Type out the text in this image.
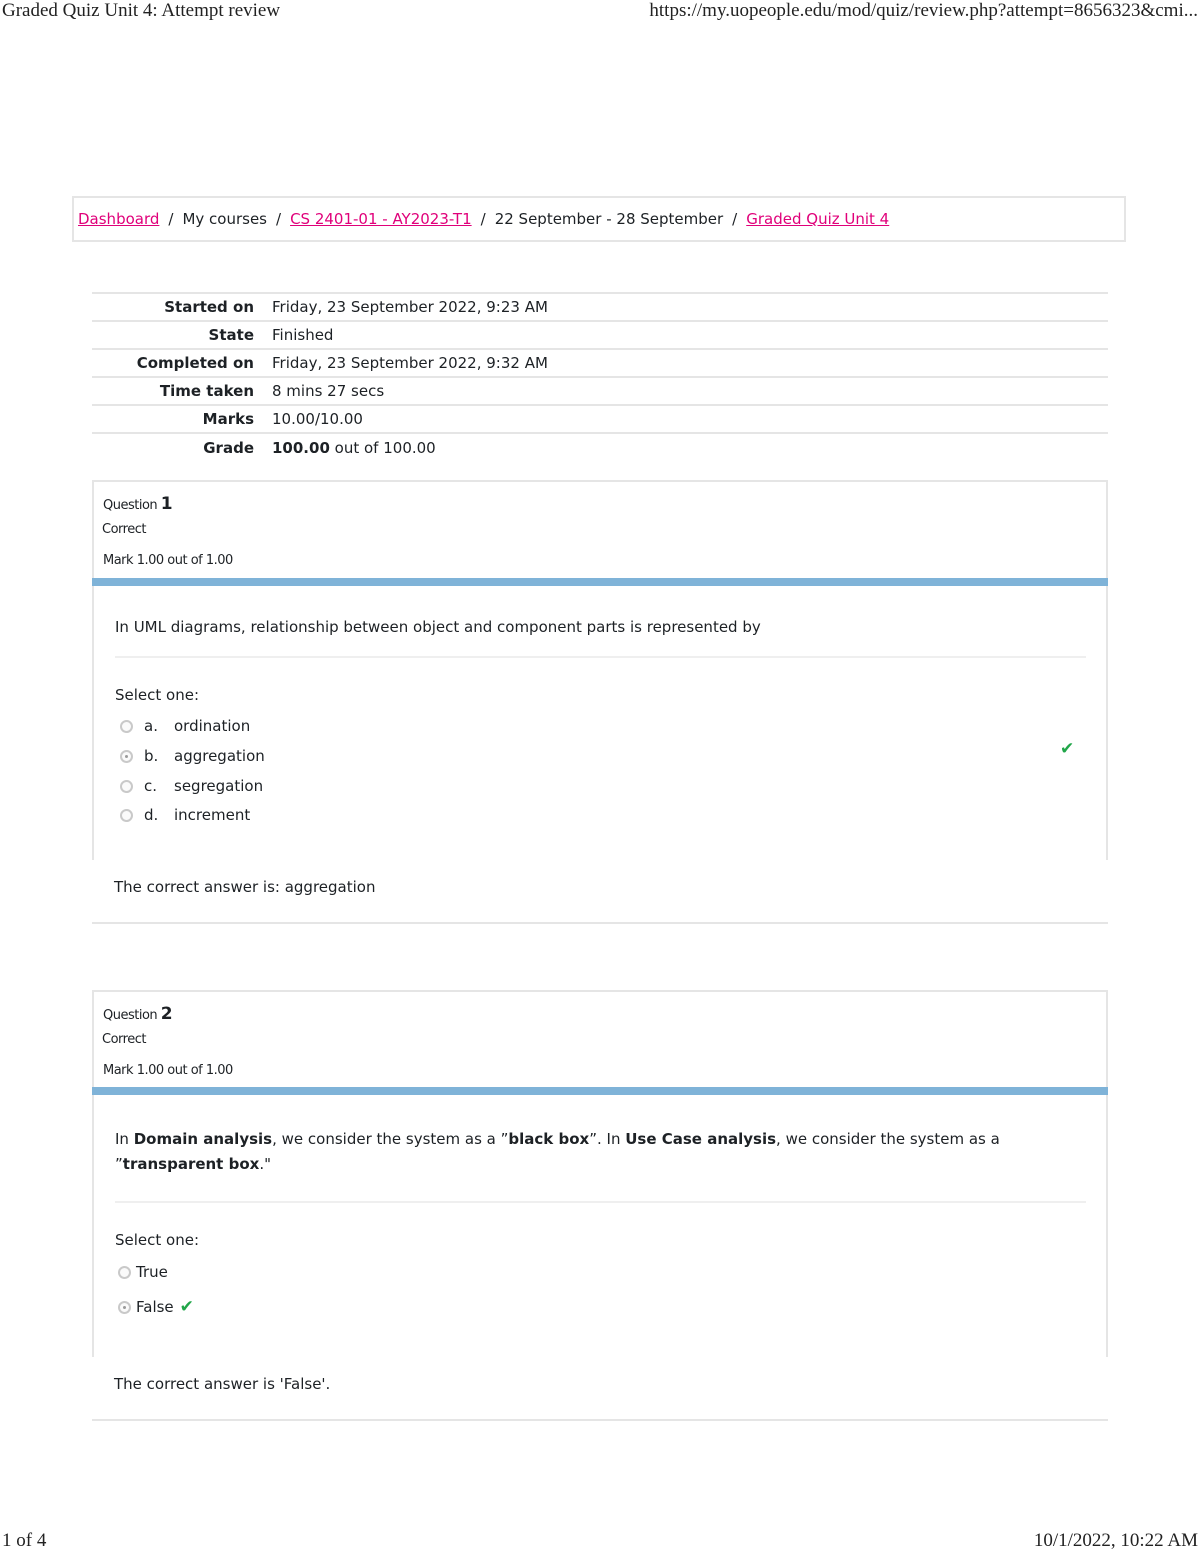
Graded Quiz Unit 4: Attempt review	https://my.uopeople.edu/mod/quiz/review.php?attempt=8656323&cmi...
Dashboard / My courses / CS 2401-01 - AY2023-T1 / 22 September - 28 September / Graded Quiz Unit 4
Started on	Friday, 23 September 2022, 9:23 AM
State	Finished
Completed on	Friday, 23 September 2022, 9:32 AM
Time taken	8 mins 27 secs
Marks	10.00/10.00
Grade	100.00 out of 100.00
Question 1
Correct
Mark 1.00 out of 1.00
In UML diagrams, relationship between object and component parts is represented by
Select one:
a.	ordination
b.	aggregation
c.	segregation
d.	increment
✔
The correct answer is: aggregation
Question 2
Correct
Mark 1.00 out of 1.00
In Domain analysis, we consider the system as a ”black box”. In Use Case analysis, we consider the system as a ”transparent box."
Select one:
True
False ✔
The correct answer is 'False'.
1 of 4	10/1/2022, 10:22 AM
